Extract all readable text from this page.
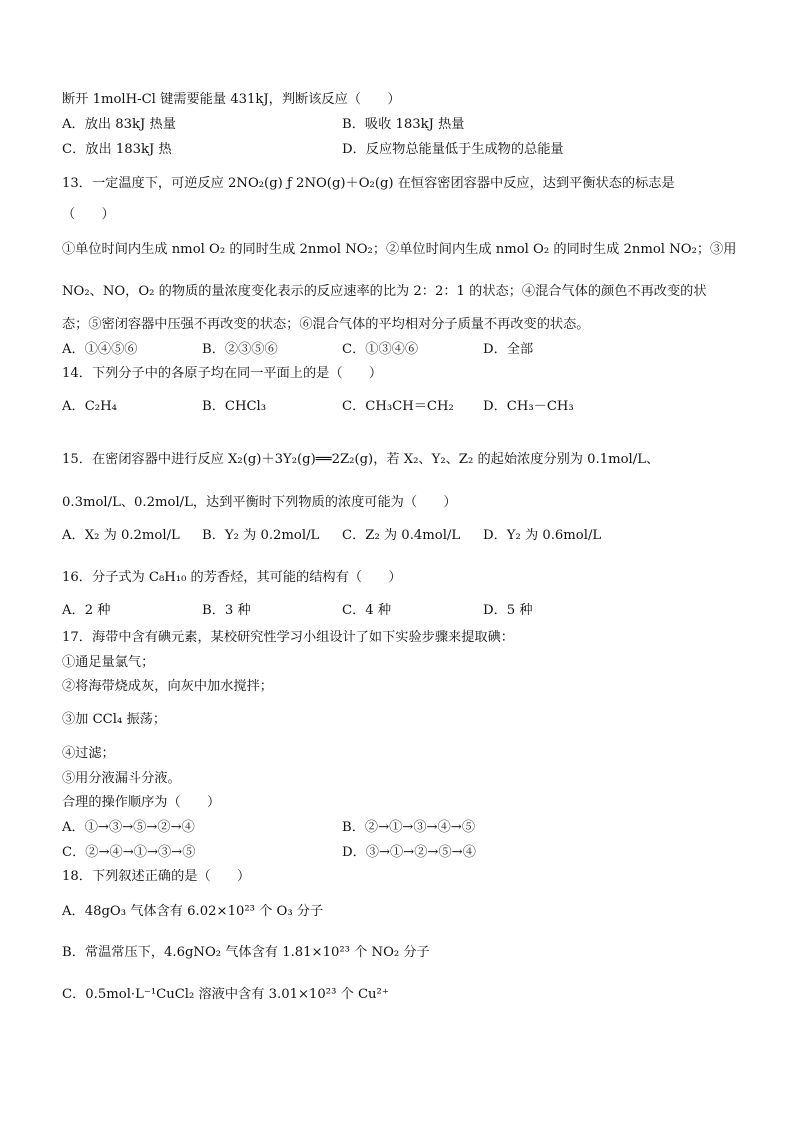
断开 1molH-Cl 键需要能量 431kJ，判断该反应（　　）
A．放出 83kJ 热量	B．吸收 183kJ 热量
C．放出 183kJ 热	D．反应物总能量低于生成物的总能量
13．一定温度下，可逆反应 2NO₂(g) ƒ 2NO(g)＋O₂(g) 在恒容密团容器中反应，达到平衡状态的标志是
（　　）
①单位时间内生成 nmol O₂ 的同时生成 2nmol NO₂；②单位时间内生成 nmol O₂ 的同时生成 2nmol NO₂；③用
NO₂、NO，O₂ 的物质的量浓度变化表示的反应速率的比为 2：2：1 的状态；④混合气体的颜色不再改变的状
态；⑤密闭容器中压强不再改变的状态；⑥混合气体的平均相对分子质量不再改变的状态。
A．①④⑤⑥	B．②③⑤⑥	C．①③④⑥	D．全部
14．下列分子中的各原子均在同一平面上的是（　　）
A．C₂H₄	B．CHCl₃	C．CH₃CH＝CH₂ D．CH₃－CH₃
15．在密闭容器中进行反应 X₂(g)＋3Y₂(g)══2Z₂(g)，若 X₂、Y₂、Z₂ 的起始浓度分别为 0.1mol/L、
0.3mol/L、0.2mol/L，达到平衡时下列物质的浓度可能为（　　）
A．X₂ 为 0.2mol/L B．Y₂ 为 0.2mol/L C．Z₂ 为 0.4mol/L D．Y₂ 为 0.6mol/L
16．分子式为 C₈H₁₀ 的芳香烃，其可能的结构有（　　）
A．2 种	B．3 种	C．4 种	D．5 种
17．海带中含有碘元素，某校研究性学习小组设计了如下实验步骤来提取碘：
①通足量氯气；
②将海带烧成灰，向灰中加水搅拌；
③加 CCl₄ 振荡；
④过滤；
⑤用分液漏斗分液。
合理的操作顺序为（　　）
A．①→③→⑤→②→④	B．②→①→③→④→⑤
C．②→④→①→③→⑤	D．③→①→②→⑤→④
18．下列叙述正确的是（　　）
A．48gO₃ 气体含有 6.02×10²³ 个 O₃ 分子
B．常温常压下，4.6gNO₂ 气体含有 1.81×10²³ 个 NO₂ 分子
C．0.5mol·L⁻¹CuCl₂ 溶液中含有 3.01×10²³ 个 Cu²⁺
